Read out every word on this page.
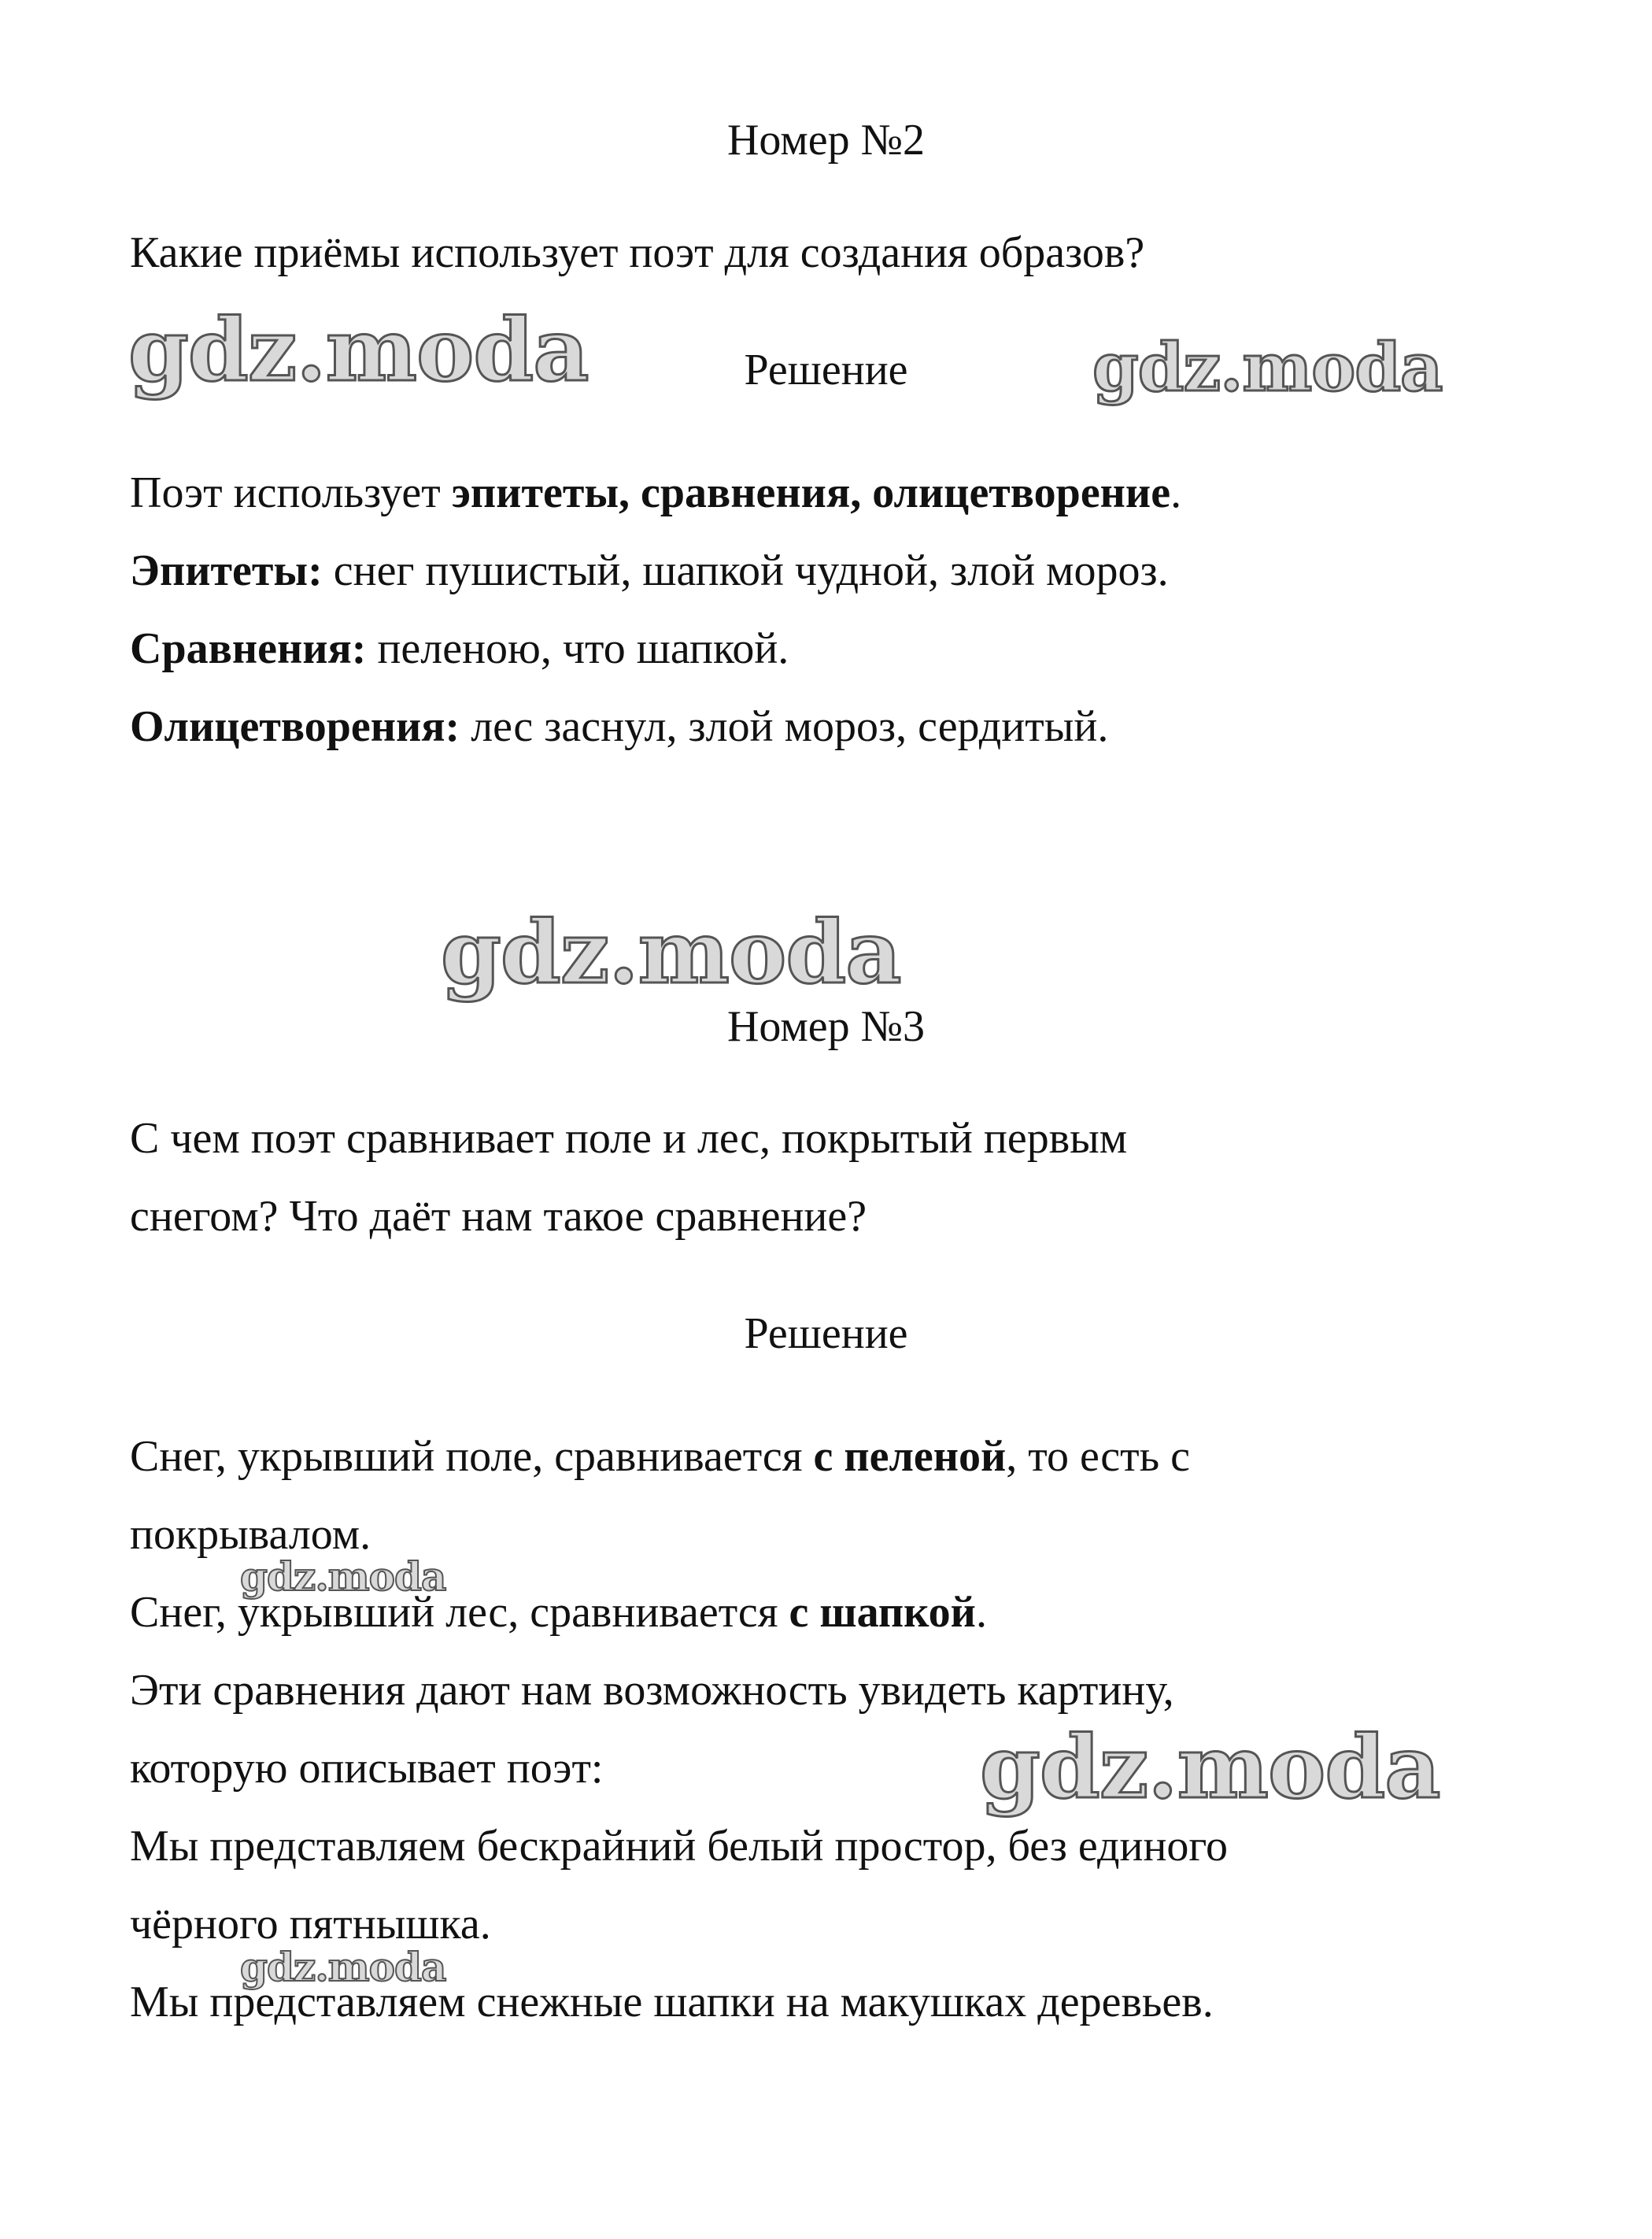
Номер №2
Какие приёмы использует поэт для создания образов?
gdz.moda	Решение	gdz.moda
Поэт использует эпитеты, сравнения, олицетворение.
Эпитеты: снег пушистый, шапкой чудной, злой мороз.
Сравнения: пеленою, что шапкой.
Олицетворения: лес заснул, злой мороз, сердитый.
gdz.moda
Номер №3
С чем поэт сравнивает поле и лес, покрытый первым
снегом? Что даёт нам такое сравнение?
Решение
Снег, укрывший поле, сравнивается с пеленой, то есть с
покрывалом.
gdz.moda
Снег, укрывший лес, сравнивается с шапкой.
Эти сравнения дают нам возможность увидеть картину,
которую описывает поэт:	gdz.moda
Мы представляем бескрайний белый простор, без единого
чёрного пятнышка.
gdz.moda
Мы представляем снежные шапки на макушках деревьев.
